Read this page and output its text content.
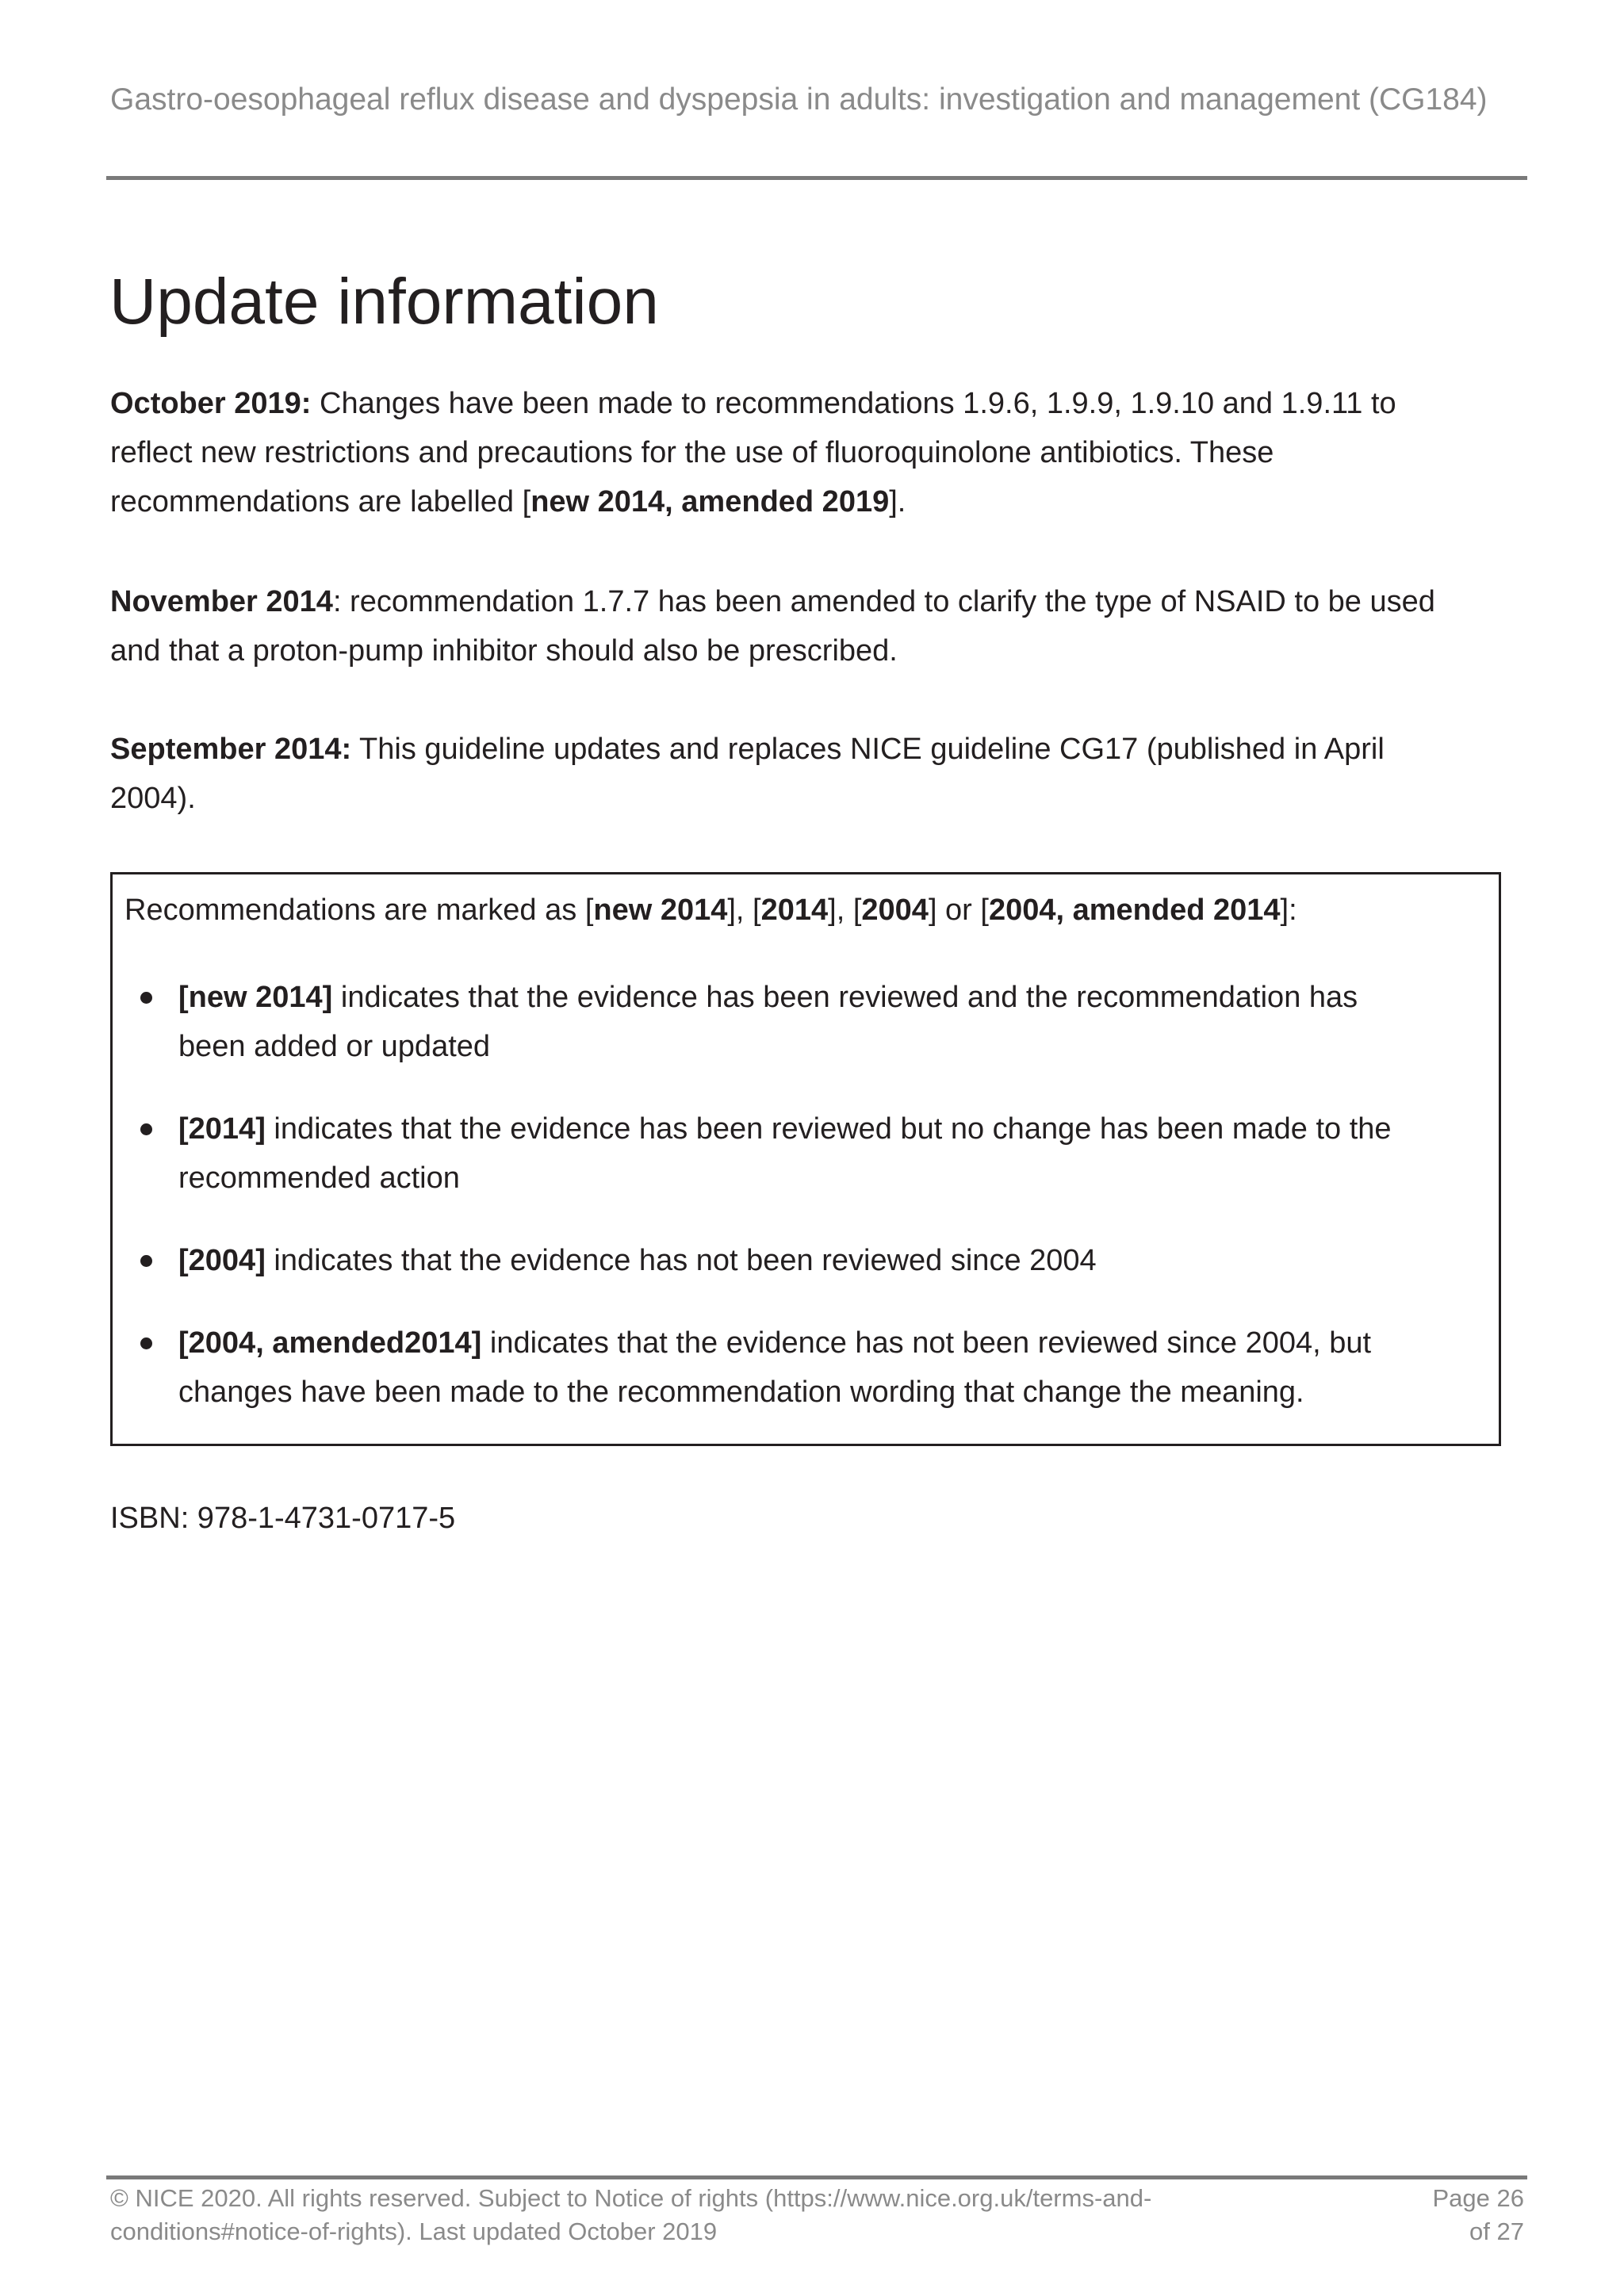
Gastro-oesophageal reflux disease and dyspepsia in adults: investigation and management (CG184)
Update information

October 2019: Changes have been made to recommendations 1.9.6, 1.9.9, 1.9.10 and 1.9.11 to
reflect new restrictions and precautions for the use of fluoroquinolone antibiotics. These
recommendations are labelled [new 2014, amended 2019].

November 2014: recommendation 1.7.7 has been amended to clarify the type of NSAID to be used
and that a proton-pump inhibitor should also be prescribed.

September 2014: This guideline updates and replaces NICE guideline CG17 (published in April
2004).

Recommendations are marked as [new 2014], [2014], [2004] or [2004, amended 2014]:

[new 2014] indicates that the evidence has been reviewed and the recommendation has
been added or updated
[2014] indicates that the evidence has been reviewed but no change has been made to the
recommended action
[2004] indicates that the evidence has not been reviewed since 2004
[2004, amended2014] indicates that the evidence has not been reviewed since 2004, but
changes have been made to the recommendation wording that change the meaning.

ISBN: 978-1-4731-0717-5

© NICE 2020. All rights reserved. Subject to Notice of rights (https://www.nice.org.uk/terms-and-
conditions#notice-of-rights). Last updated October 2019
Page 26
of 27
